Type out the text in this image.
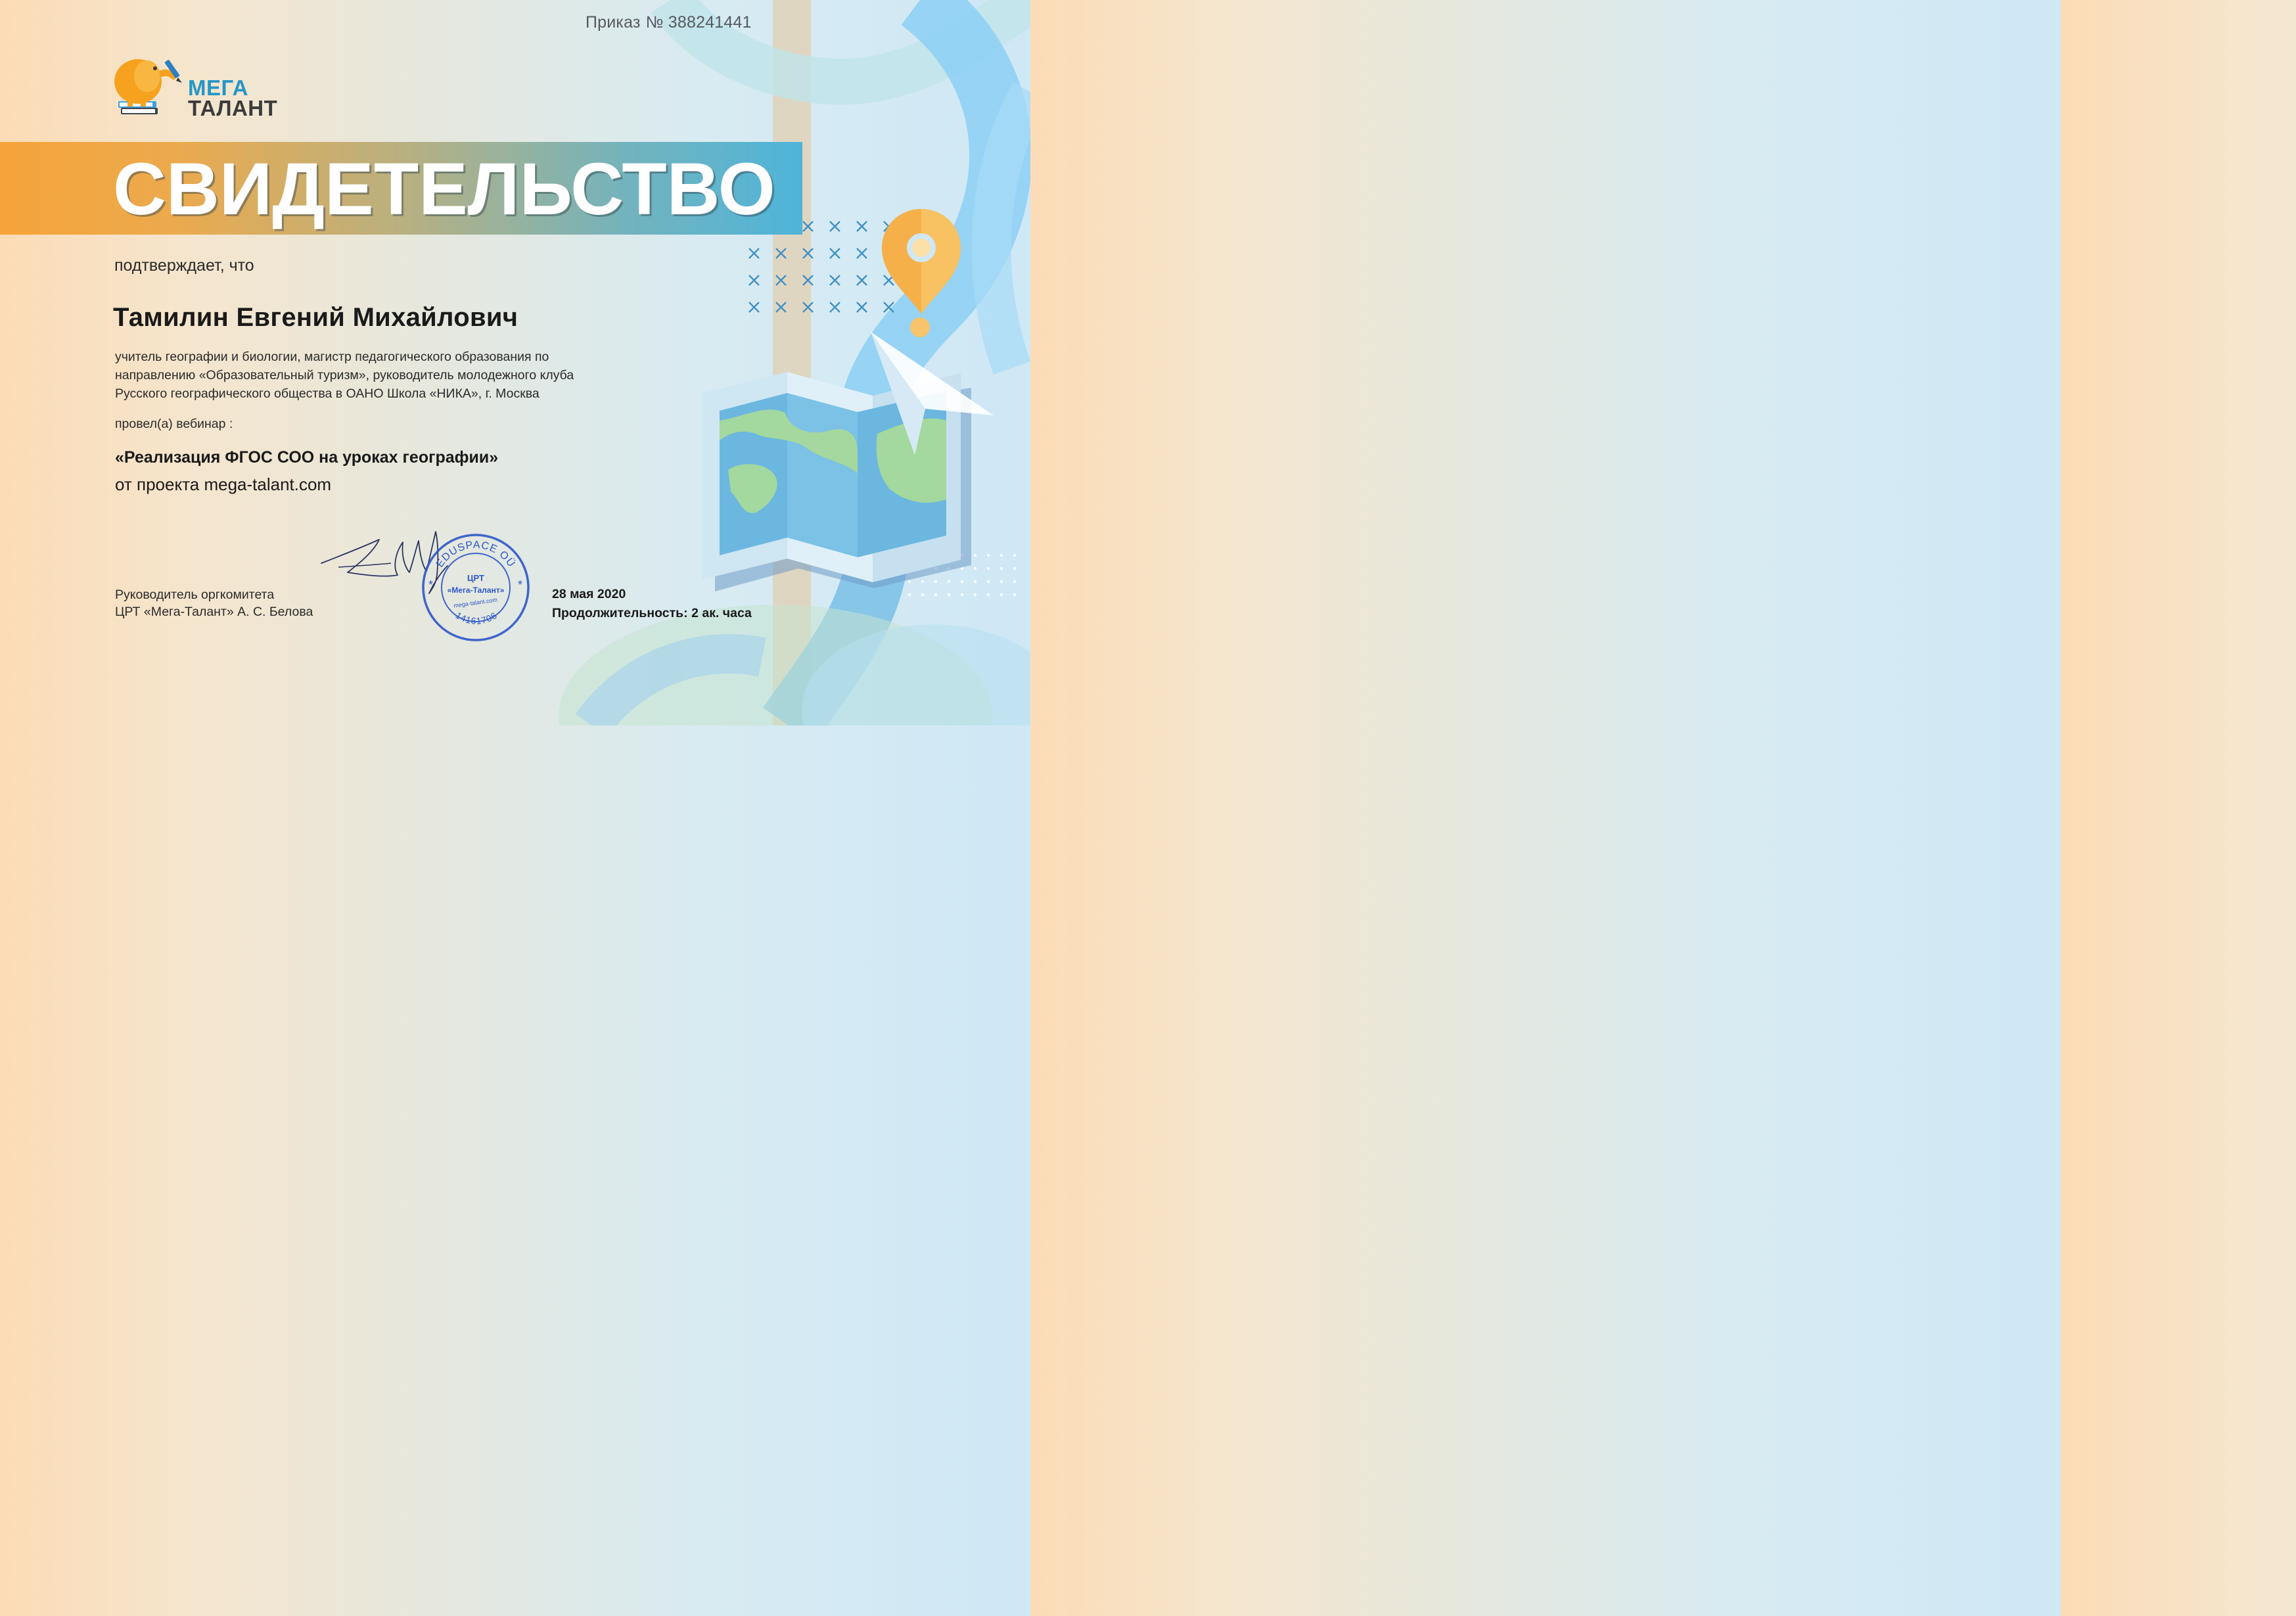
Приказ № 388241441
МЕГА
ТАЛАНТ
СВИДЕТЕЛЬСТВО
подтверждает, что
Тамилин Евгений Михайлович
учитель географии и биологии, магистр педагогического образования по
направлению «Образовательный туризм», руководитель молодежного клуба
Русского географического общества в ОАНО Школа «НИКА», г. Москва
провел(а) вебинар :
«Реализация ФГОС СОО на уроках географии»
от проекта mega-talant.com
Руководитель оргкомитета
ЦРТ «Мега-Талант» А. С. Белова
EDUSPACE OÜ
14161706
*	*
ЦРТ
«Мега-Талант»
mega-talant.com
28 мая 2020
Продолжительность: 2 ак. часа
